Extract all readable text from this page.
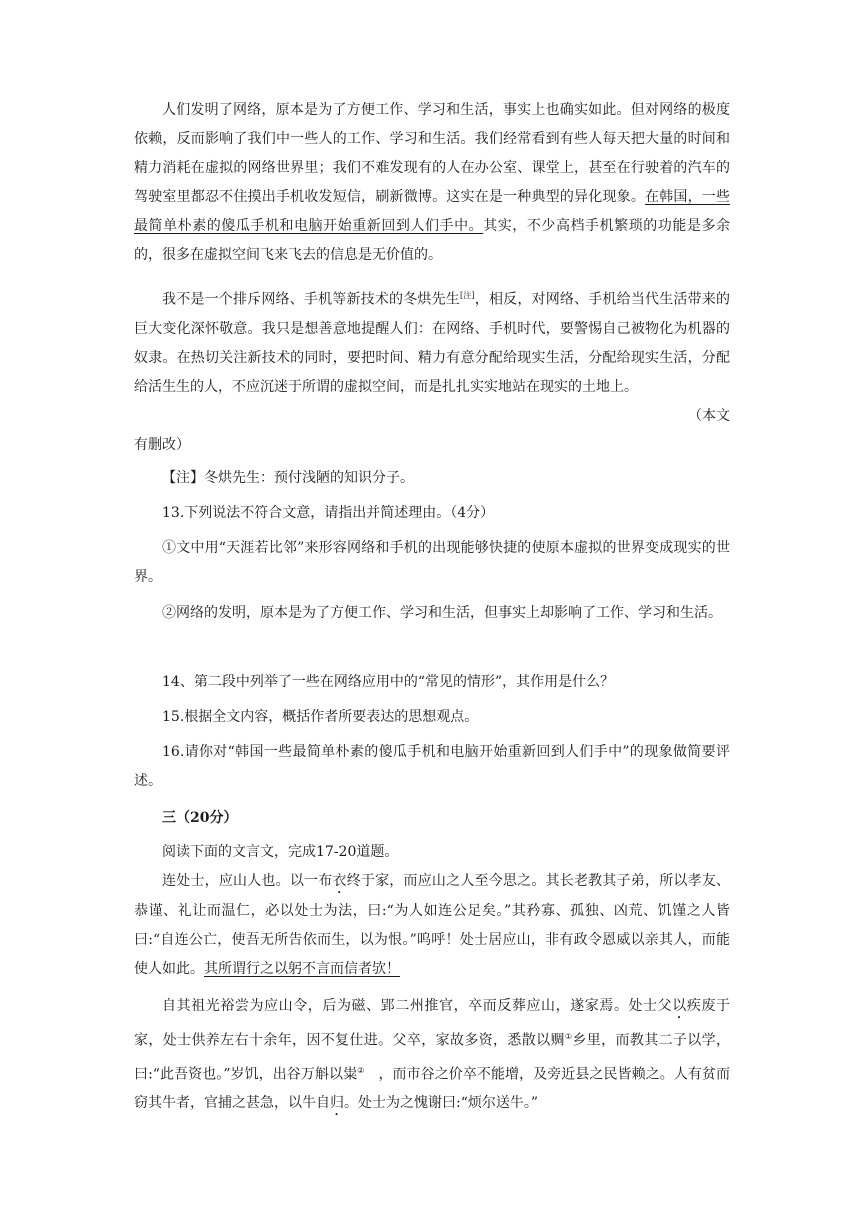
人们发明了网络，原本是为了方便工作、学习和生活，事实上也确实如此。但对网络的极度依赖，反而影响了我们中一些人的工作、学习和生活。我们经常看到有些人每天把大量的时间和精力消耗在虚拟的网络世界里；我们不难发现有的人在办公室、课堂上，甚至在行驶着的汽车的驾驶室里都忍不住摸出手机收发短信，刷新微博。这实在是一种典型的异化现象。在韩国，一些最简单朴素的傻瓜手机和电脑开始重新回到人们手中。其实，不少高档手机繁琐的功能是多余的，很多在虚拟空间飞来飞去的信息是无价值的。

我不是一个排斥网络、手机等新技术的冬烘先生[注]，相反，对网络、手机给当代生活带来的巨大变化深怀敬意。我只是想善意地提醒人们：在网络、手机时代，要警惕自己被物化为机器的奴隶。在热切关注新技术的同时，要把时间、精力有意分配给现实生活，分配给现实生活，分配给活生生的人，不应沉迷于所谓的虚拟空间，而是扎扎实实地站在现实的土地上。
（本文
有删改）

【注】冬烘先生：预付浅陋的知识分子。

13.下列说法不符合文意，请指出并简述理由。（4分）

①文中用“天涯若比邻”来形容网络和手机的出现能够快捷的使原本虚拟的世界变成现实的世界。

②网络的发明，原本是为了方便工作、学习和生活，但事实上却影响了工作、学习和生活。

14、第二段中列举了一些在网络应用中的“常见的情形”，其作用是什么？

15.根据全文内容，概括作者所要表达的思想观点。

16.请你对“韩国一些最简单朴素的傻瓜手机和电脑开始重新回到人们手中”的现象做简要评述。

三（20分）

阅读下面的文言文，完成17-20道题。

连处士，应山人也。以一布衣终于家，而应山之人至今思之。其长老教其子弟，所以孝友、恭谨、礼让而温仁，必以处士为法，曰:“为人如连公足矣。”其矜寡、孤独、凶荒、饥馑之人皆曰:“自连公亡，使吾无所告依而生，以为恨。”呜呼！处士居应山，非有政令恩威以亲其人，而能使人如此。其所谓行之以躬不言而信者欤！

自其祖光裕尝为应山令，后为磁、郢二州推官，卒而反葬应山，遂家焉。处士父以疾废于家，处士供养左右十余年，因不复仕进。父卒，家故多资，悉散以赒①乡里，而教其二子以学，曰:“此吾资也。”岁饥，出谷万斛以粜②　，而市谷之价卒不能增，及旁近县之民皆赖之。人有贫而窃其牛者，官捕之甚急，以牛自归。处士为之愧谢曰:“烦尔送牛。”
